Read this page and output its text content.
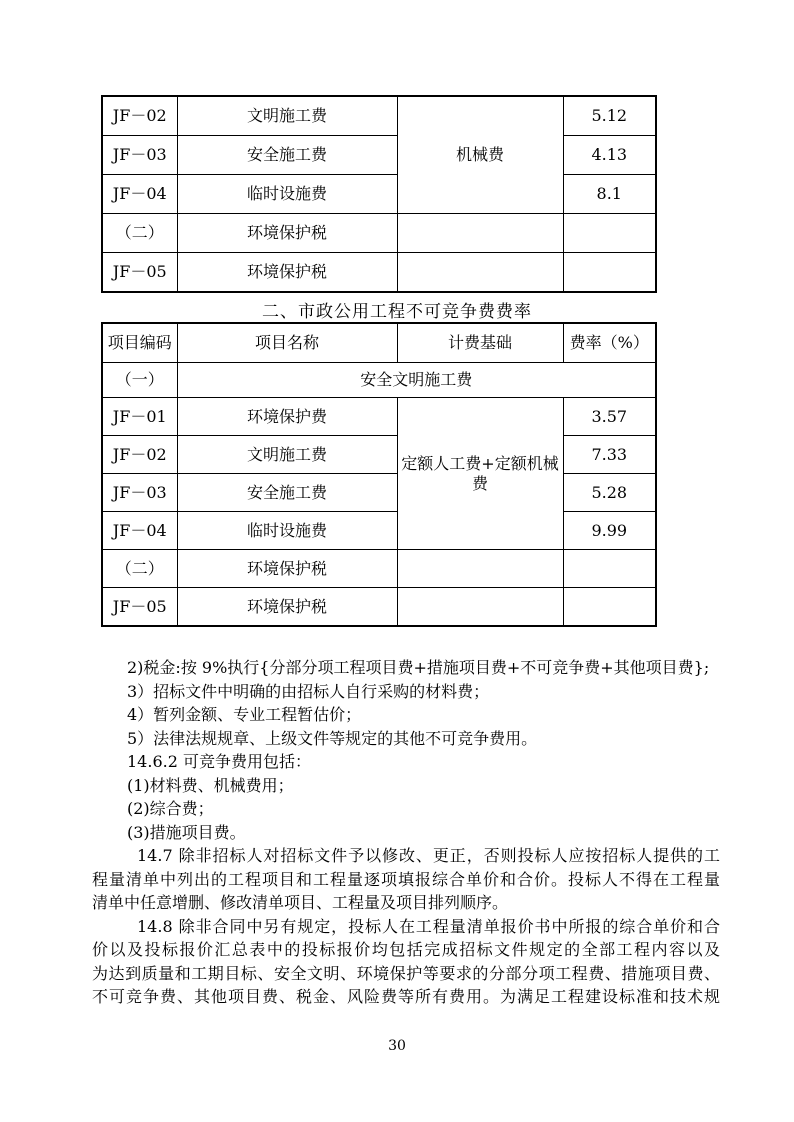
JF－02	文明施工费	机械费	5.12
JF－03	安全施工费		4.13
JF－04	临时设施费		8.1
（二）	环境保护税		
JF－05	环境保护税		
二、市政公用工程不可竞争费费率
项目编码	项目名称	计费基础	费率（%）
（一）	安全文明施工费		
JF－01	环境保护费	定额人工费+定额机械费	3.57
JF－02	文明施工费		7.33
JF－03	安全施工费		5.28
JF－04	临时设施费		9.99
（二）	环境保护税		
JF－05	环境保护税		
2)税金:按 9%执行{分部分项工程项目费+措施项目费+不可竞争费+其他项目费};
3）招标文件中明确的由招标人自行采购的材料费；
4）暂列金额、专业工程暂估价；
5）法律法规规章、上级文件等规定的其他不可竞争费用。
14.6.2 可竞争费用包括：
(1)材料费、机械费用；
(2)综合费；
(3)措施项目费。
14.7 除非招标人对招标文件予以修改、更正，否则投标人应按招标人提供的工
程量清单中列出的工程项目和工程量逐项填报综合单价和合价。投标人不得在工程量
清单中任意增删、修改清单项目、工程量及项目排列顺序。
14.8 除非合同中另有规定，投标人在工程量清单报价书中所报的综合单价和合
价以及投标报价汇总表中的投标报价均包括完成招标文件规定的全部工程内容以及
为达到质量和工期目标、安全文明、环境保护等要求的分部分项工程费、措施项目费、
不可竞争费、其他项目费、税金、风险费等所有费用。为满足工程建设标准和技术规
30
